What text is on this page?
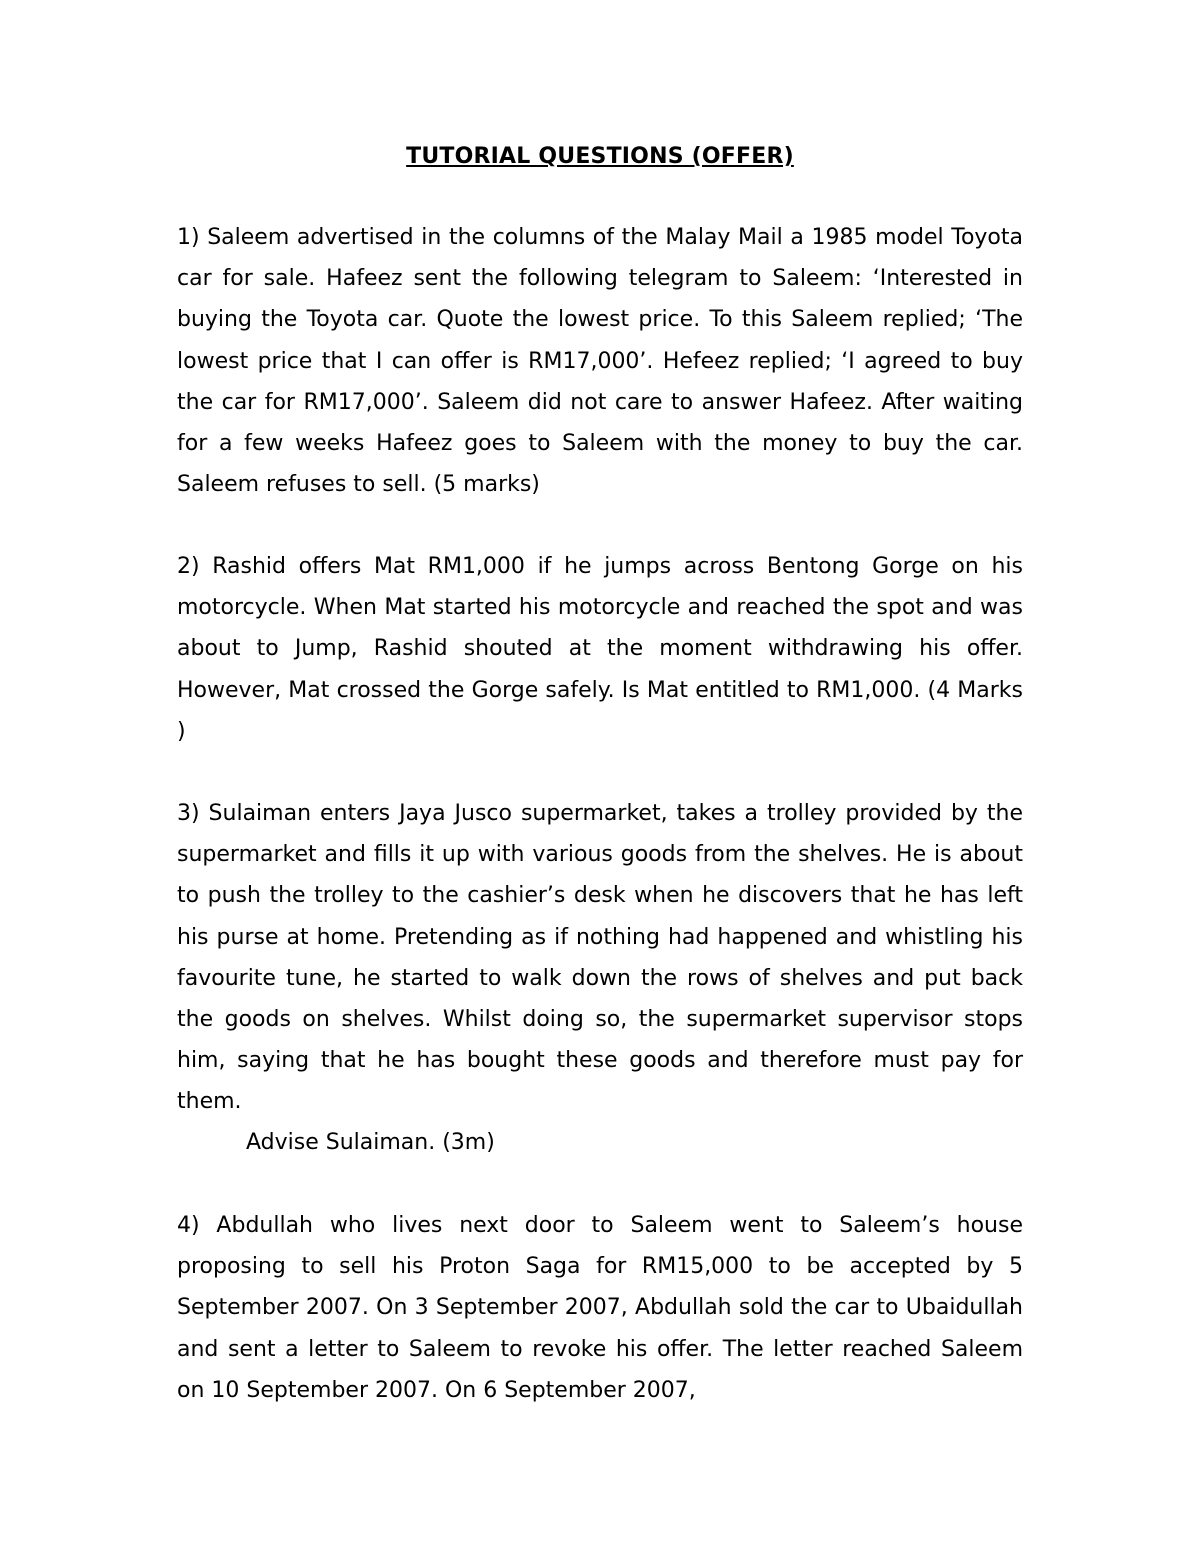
TUTORIAL QUESTIONS (OFFER)

1) Saleem advertised in the columns of the Malay Mail a 1985 model Toyota car for sale. Hafeez sent the following telegram to Saleem: ‘Interested in buying the Toyota car. Quote the lowest price. To this Saleem replied; ‘The lowest price that I can offer is RM17,000’. Hefeez replied; ‘I agreed to buy the car for RM17,000’. Saleem did not care to answer Hafeez. After waiting for a few weeks Hafeez goes to Saleem with the money to buy the car. Saleem refuses to sell. (5 marks)

2) Rashid offers Mat RM1,000 if he jumps across Bentong Gorge on his motorcycle. When Mat started his motorcycle and reached the spot and was about to Jump, Rashid shouted at the moment withdrawing his offer. However, Mat crossed the Gorge safely. Is Mat entitled to RM1,000. (4 Marks )

3) Sulaiman enters Jaya Jusco supermarket, takes a trolley provided by the supermarket and fills it up with various goods from the shelves. He is about to push the trolley to the cashier’s desk when he discovers that he has left his purse at home. Pretending as if nothing had happened and whistling his favourite tune, he started to walk down the rows of shelves and put back the goods on shelves. Whilst doing so, the supermarket supervisor stops him, saying that he has bought these goods and therefore must pay for them.

Advise Sulaiman. (3m)

4) Abdullah who lives next door to Saleem went to Saleem’s house proposing to sell his Proton Saga for RM15,000 to be accepted by 5 September 2007. On 3 September 2007, Abdullah sold the car to Ubaidullah and sent a letter to Saleem to revoke his offer. The letter reached Saleem on 10 September 2007. On 6 September 2007,
